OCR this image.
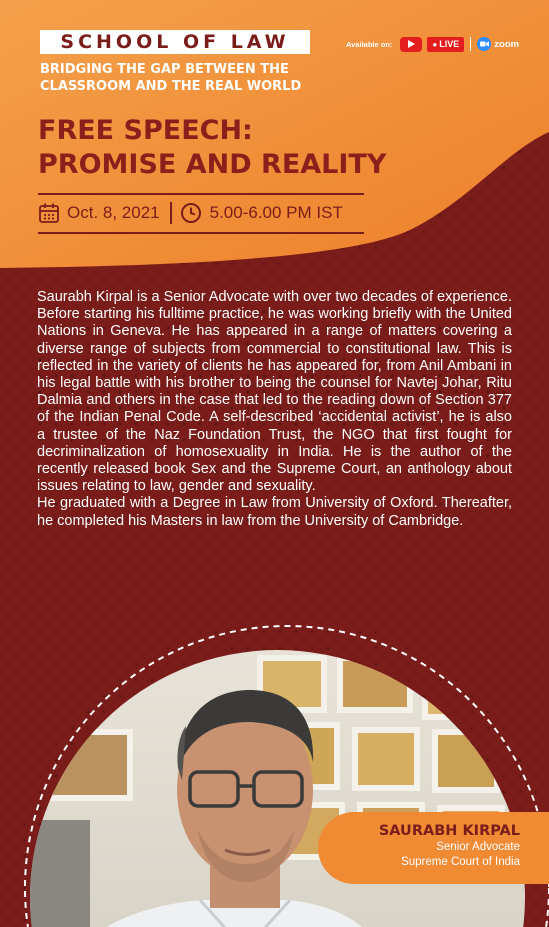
SCHOOL OF LAW
BRIDGING THE GAP BETWEEN THE
CLASSROOM AND THE REAL WORLD
Available on:	● LIVE	zoom
FREE SPEECH:
PROMISE AND REALITY
Oct. 8, 2021	5.00-6.00 PM IST

Saurabh Kirpal is a Senior Advocate with over two decades of experience. Before starting his fulltime practice, he was working briefly with the United Nations in Geneva. He has appeared in a range of matters covering a diverse range of subjects from commercial to constitutional law. This is reflected in the variety of clients he has appeared for, from Anil Ambani in his legal battle with his brother to being the counsel for Navtej Johar, Ritu Dalmia and others in the case that led to the reading down of Section 377 of the Indian Penal Code. A self-described ‘accidental activist’, he is also a trustee of the Naz Foundation Trust, the NGO that first fought for decriminalization of homosexuality in India. He is the author of the recently released book Sex and the Supreme Court, an anthology about issues relating to law, gender and sexuality.

He graduated with a Degree in Law from University of Oxford. Thereafter, he completed his Masters in law from the University of Cambridge.

SAURABH KIRPAL
Senior Advocate
Supreme Court of India
